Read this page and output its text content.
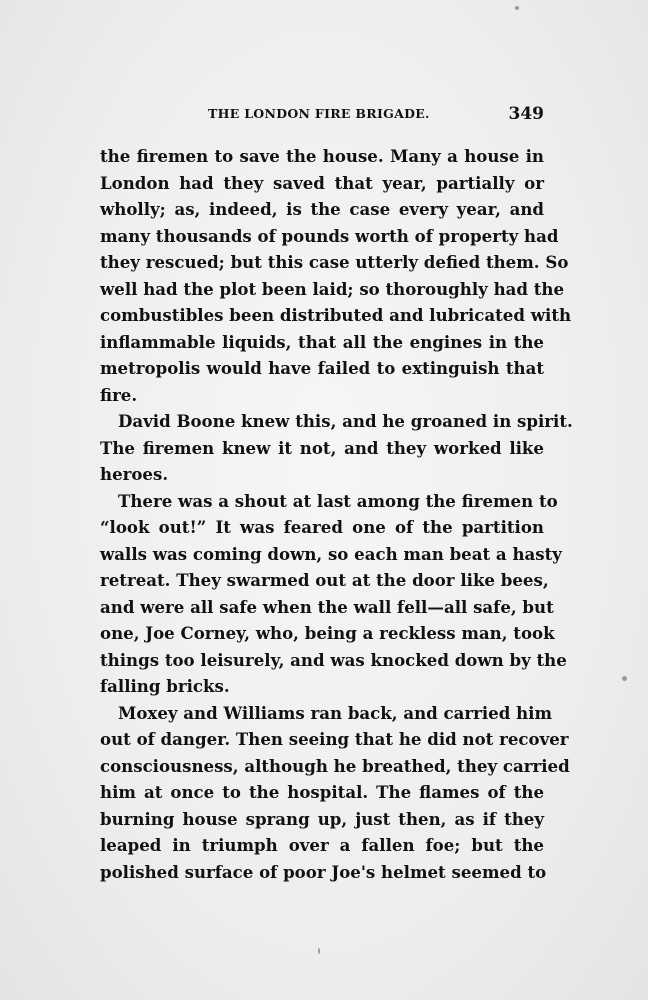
THE LONDON FIRE BRIGADE.	349
the firemen to save the house. Many a house in
London had they saved that year, partially or
wholly; as, indeed, is the case every year, and
many thousands of pounds worth of property had
they rescued; but this case utterly defied them. So
well had the plot been laid; so thoroughly had the
combustibles been distributed and lubricated with
inflammable liquids, that all the engines in the
metropolis would have failed to extinguish that
fire.
David Boone knew this, and he groaned in spirit.
The firemen knew it not, and they worked like
heroes.
There was a shout at last among the firemen to
“look out!” It was feared one of the partition
walls was coming down, so each man beat a hasty
retreat. They swarmed out at the door like bees,
and were all safe when the wall fell—all safe, but
one, Joe Corney, who, being a reckless man, took
things too leisurely, and was knocked down by the
falling bricks.
Moxey and Williams ran back, and carried him
out of danger. Then seeing that he did not recover
consciousness, although he breathed, they carried
him at once to the hospital. The flames of the
burning house sprang up, just then, as if they
leaped in triumph over a fallen foe; but the
polished surface of poor Joe's helmet seemed to
